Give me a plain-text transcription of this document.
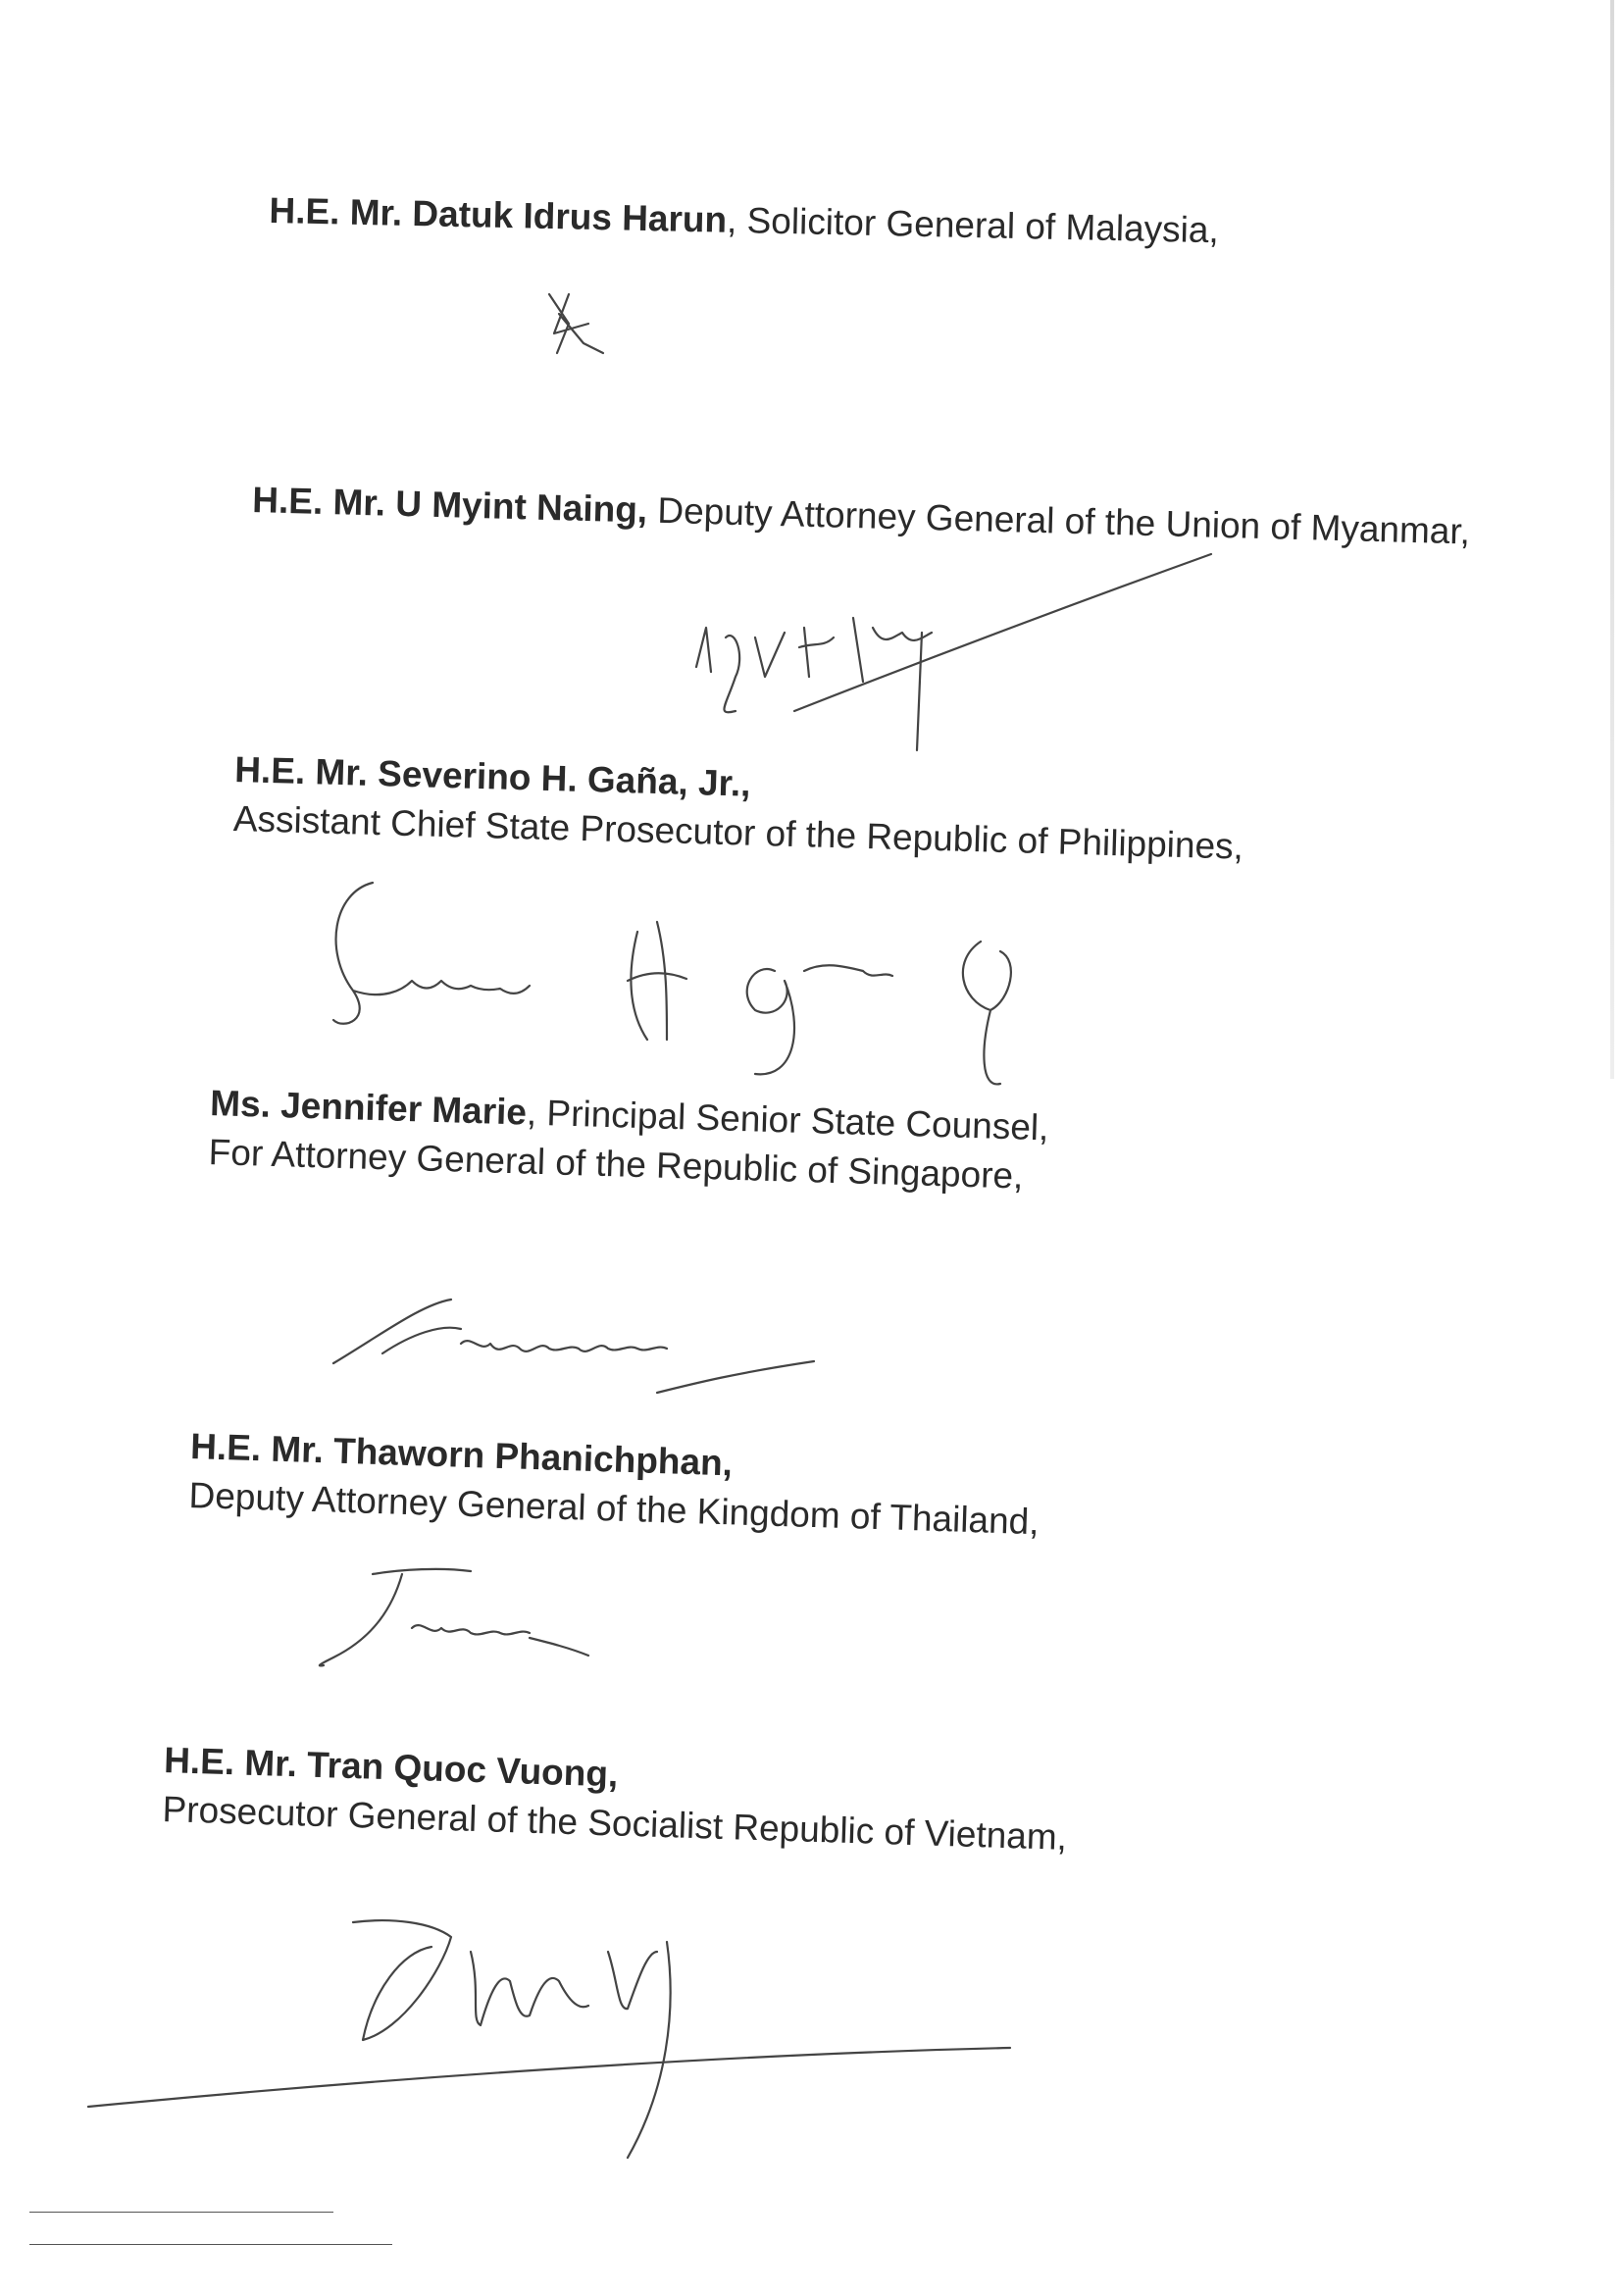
H.E. Mr. Datuk Idrus Harun, Solicitor General of Malaysia,
H.E. Mr. U Myint Naing, Deputy Attorney General of the Union of Myanmar,
H.E. Mr. Severino H. Gaña, Jr.,
Assistant Chief State Prosecutor of the Republic of Philippines,
Ms. Jennifer Marie, Principal Senior State Counsel,
For Attorney General of the Republic of Singapore,
H.E. Mr. Thaworn Phanichphan,
Deputy Attorney General of the Kingdom of Thailand,
H.E. Mr. Tran Quoc Vuong,
Prosecutor General of the Socialist Republic of Vietnam,
